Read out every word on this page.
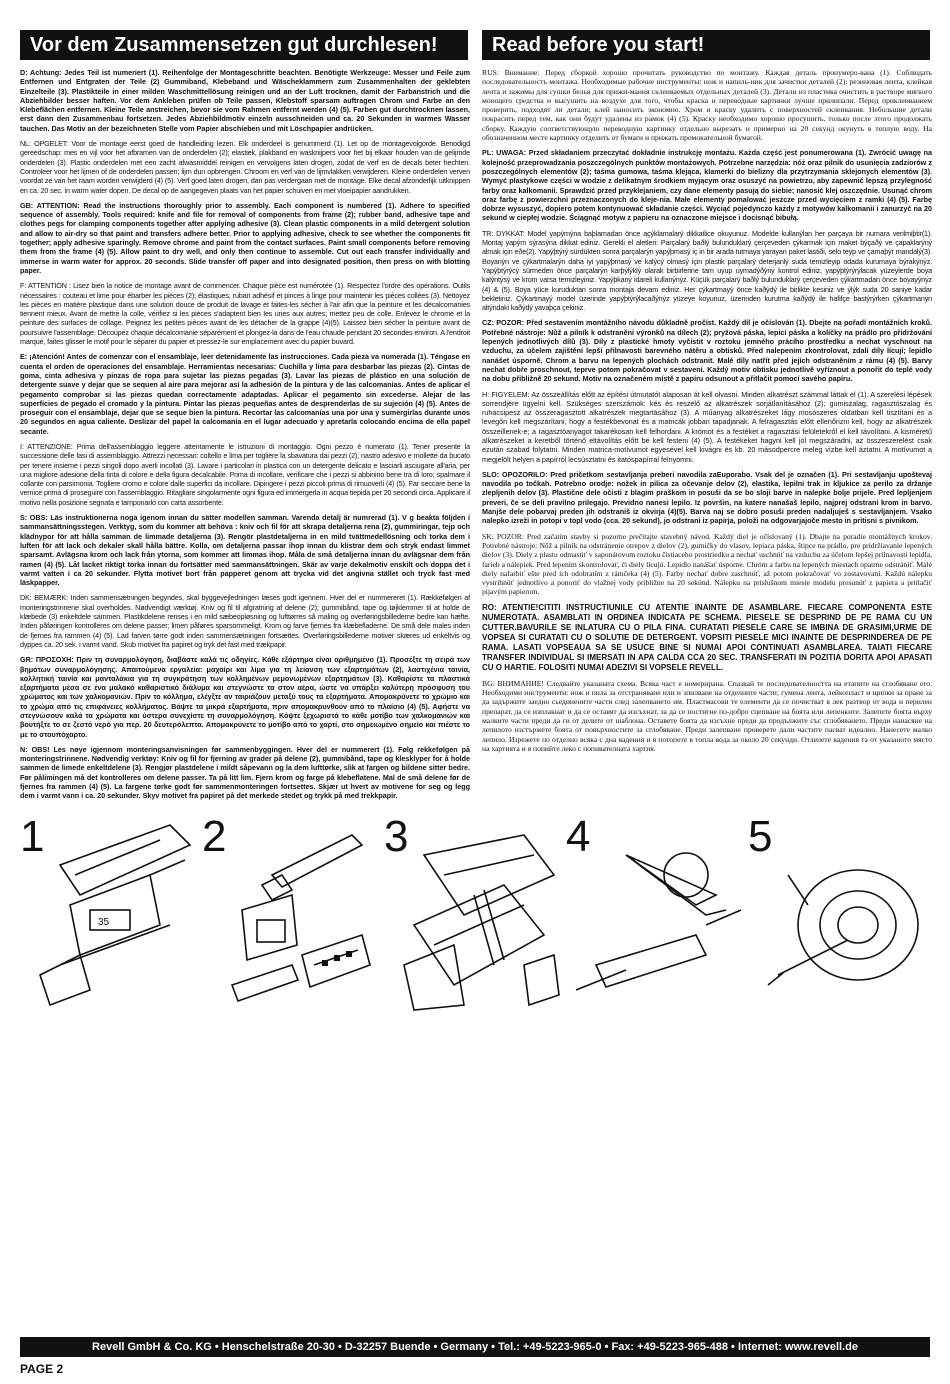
Vor dem Zusammensetzen gut durchlesen!	Read before you start!

D: Achtung: Jedes Teil ist numeriert (1). Reihenfolge der Montageschritte beachten. Benötigte Werkzeuge: Messer und Feile zum Entfernen und Entgraten der Teile (2) Gummiband, Klebeband und Wäscheklammern zum Zusammenhalten der geklebten Einzelteile (3). Plastikteile in einer milden Waschmittellösung reinigen und an der Luft trocknen, damit der Farbanstrich und die Abziehbilder besser haften. Vor dem Ankleben prüfen ob Teile passen, Klebstoff sparsam auftragen Chrom und Farbe an den Klebeflächen entfernen. Kleine Teile anstreichen, bevor sie vom Rahmen entfernt werden (4) (5). Farben gut durchtrocknen lassen, erst dann den Zusammenbau fortsetzen. Jedes Abziehbildmotiv einzeln ausschneiden und ca. 20 Sekunden in warmes Wasser tauchen. Das Motiv an der bezeichneten Stelle vom Papier abschieben und mit Löschpapier andrücken.

NL: OPGELET: Voor de montage eerst goed de handleiding lezen. Elk onderdeel is genummerd (1). Let op de montagevolgorde. Benodigd gereedschap: mes en vijl voor het afbramen van de onderdelen (2); elastiek, plakband en wasknijpers voor het bij elkaar houden van de gelijmde onderdelen (3). Plastic onderdelen met een zacht afwasmiddel reinigen en vervolgens laten drogen, zodat de verf en de decals beter hechten. Controleer voor het lijmen of de onderdelen passen; lijm dun opbrengen. Chroom en verf van de lijmvlakken verwijderen. Kleine onderdelen verven voordat ze van het raam worden verwijderd (4) (5). Verf goed laten drogen, dan pas verdergaan met de montage. Elke decal afzonderlijk uitknippen en ca. 20 sec. in warm water dopen. De decal op de aangegeven plaats van het papier schuiven en met vloeipapier aandrukken.

GB: ATTENTION: Read the instructions thoroughly prior to assembly. Each component is numbered (1). Adhere to specified sequence of assembly. Tools required: knife and file for removal of components from frame (2); rubber band, adhesive tape and clothes pegs for clamping components together after applying adhesive (3). Clean plastic components in a mild detergent solution and allow to air-dry so that paint and transfers adhere better. Prior to applying adhesive, check to see whether the components fit together; apply adhesive sparingly. Remove chrome and paint from the contact surfaces. Paint small components before removing them from the frame (4) (5). Allow paint to dry well, and only then continue to assemble. Cut out each transfer individually and immerse in warm water for approx. 20 seconds. Slide transfer off paper and into designated position, then press on with blotting paper.

F: ATTENTION : Lisez bien la notice de montage avant de commencer. Chaque pièce est numérotée (1). Respectez l'ordre des opérations. Outils nécessaires : couteau et lime pour ébarber les pièces (2); élastiques, ruban adhésif et pinces à linge pour maintenir les pièces collées (3). Nettoyez les pièces en matière plastique dans une solution douce de produit de lavage et faites-les sécher à l'air afin que la peinture et les décalcomanies tiennent mieux. Avant de mettre la colle, vérifiez si les pièces s'adaptent bien les unes aux autres; mettez peu de colle. Enlevez le chrome et la peinture des surfaces de collage. Peignez les petites pièces avant de les détacher de la grappe (4)(5). Laissez bien sécher la peinture avant de poursuivre l'assemblage. Découpez chaque décalcomanie séparément et plongez-la dans de l'eau chaude pendant 20 secondes environ. A l'endroit marqué, faites glisser le motif pour le séparer du papier et pressez-le sur emplacement avec du papier buvard.

E: ¡Atención! Antes de comenzar con el ensamblaje, leer detenidamente las instrucciones. Cada pieza va numerada (1). Téngase en cuenta el orden de operaciones del ensamblaje. Herramientas necesarias: Cuchilla y lima para desbarbar las piezas (2). Cintas de goma, cinta adhesiva y pinzas de ropa para sujetar las piezas pegadas (3). Lavar las piezas de plástico en una solución de detergente suave y dejar que se sequen al aire para mejorar así la adhesión de la pintura y de las calcomanías. Antes de aplicar el pegamento comprobar si las piezas quedan correctamente adaptadas. Aplicar el pegamento sin excederse. Alejar de las superficies de pegado el cromado y la pintura. Pintar las piezas pequeñas antes de desprenderlas de su sujeción (4) (5). Antes de proseguir con el ensamblaje, dejar que se seque bien la pintura. Recortar las calcomanías una por una y sumergirlas durante unos 20 segundos en agua caliente. Deslizar del papel la calcomanía en el lugar adecuado y apretarla colocando encima de ella papel secante.

I: ATTENZIONE: Prima dell'assemblaggio leggere attentamente le istruzioni di montaggio. Ogni pezzo è numerato (1). Tener presente la successione delle fasi di assemblaggio. Attrezzi necessari: coltello e lima per togliere la sbavatura dai pezzi (2), nastro adesivo e mollette da bucato per tenere insieme i pezzi singoli dopo averli incollati (3). Lavare i particolari in plastica con un detergente delicato e lasciarli asciugare all'aria, per una migliore adesione della tinta di colore e della figura decalcabile. Prima di incollare, verificare che i pezzi si abbinino bene tra di loro; spalmare il collante con parsimonia. Togliere cromo e colore dalle superfici da incollare. Dipingere i pezzi piccoli prima di rimuoverli (4) (5). Far seccare bene la vernice prima di proseguire con l'assemblaggio. Ritagliare singolarmente ogni figura ed immergerla in acqua tiepida per 20 secondi circa. Applicare il motivo nella posizione segnata e tamponarlo con carta assorbente.

S: OBS: Läs instruktionerna noga igenom innan du sätter modellen samman. Varenda detalj är numrerad (1). V g beakta följden i sammansättningsstegen. Verktyg, som du kommer att behöva : kniv och fil för att skrapa detaljerna rena (2), gummiringar, tejp och klädnypor för att hålla samman de limmade detaljerna (3). Rengör plastdetaljerna in en mild tvättmedellösning och torka dem i luften för att lack och dekaler skall hålla bättre. Kolla, om detaljerna passar ihop innan du klistrar dem och stryk endast limmet sparsamt. Avlägsna krom och lack från ytorna, som kommer att limmas ihop. Måla de små detaljerna innan du avlägsnar dem från ramen (4) (5). Låt lacket riktigt torka innan du fortsätter med sammansättningen. Skär av varje dekalmotiv enskilt och doppa det i varmt vatten i ca 20 sekunder. Flytta motivet bort från papperet genom att trycka vid det angivna stället och tryck fast med läskpapper.

DK: BEMÆRK: Inden sammensætningen begyndes, skal byggevejledningen læses godt igennem. Hver del er nummereret (1). Rækkefølgen af monteringstrinnene skal overholdes. Nødvendigt værktøj: Kniv og fil til afgratning af delene (2); gummibånd, tape og tøjklemmer til at holde de klæbede (3) enkeltdele sammen. Plastikdelene renses i en mild sæbeopløsning og lufttørres så maling og overføringsbillederne bedre kan hæfte. Inden påføringen kontrolleres om delene passer; limen påføres sparsommeligt. Krom og farve fjernes fra klæbefladerne. De små dele males inden de fjernes fra rammen (4) (5). Lad farven tørre godt inden sammensætningen fortsættes. Overføringsbillederne motiver skæres ud enkeltvis og dyppes ca. 20 sek. i varmt vand. Skub motivet fra papiret og tryk det fast med trækpapir.

GR: ΠΡΟΣΟΧΗ: Πριν τη συναρμολόγηση, διαβάστε καλά τις οδηγίες. Κάθε εξάρτημα είναι αριθμημένο (1). Προσέξτε τη σειρά των βημάτων συναρμολόγησης. Απαιτούμενα εργαλεία: μαχαίρι και λίμα για τη λείανση των εξαρτημάτων (2), λαστιχένια ταινία, κολλητική ταινία και μανταλάκια για τη συγκράτηση των κολλημένων μεμονωμένων εξαρτημάτων (3). Καθαρίστε τα πλαστικά εξαρτήματα μέσα σε ένα μαλακό καθαριστικό διάλυμα και στεγνώστε τα στον αέρα, ώστε να υπάρξει καλύτερη πρόσφυση του χρώματος και των χαλκομανιών. Πριν το κόλλημα, ελέγξτε αν ταιριάζουν μεταξύ τους τα εξαρτήματα. Απομακρύνετε το χρώμιο και το χρώμα από τις επιφάνειες κολλήματος. Βάψτε τα μικρά εξαρτήματα, πριν απομακρυνθούν από το πλαίσιο (4) (5). Αφήστε να στεγνώσουν καλά τα χρώματα και ύστερα συνεχίστε τη συναρμολόγηση. Κόψτε ξεχωριστά το κάθε μοτίβο των χαλκομανιών και βουτήξτε το σε ζεστό νερό για περ. 20 δευτερόλεπτα. Απομακρύνετε το μοτίβο από το χαρτί, στο σημειωμένο σημείο και πιέστε το με το στουπόχαρτο.

N: OBS! Les nøye igjennom monteringsanvisningen før sammenbyggingen. Hver del er nummerert (1). Følg rekkefølgen på monteringstrinnene. Nødvendig verktøy: Kniv og fil for fjerning av grader på delene (2), gummibånd, tape og klesklyper for å holde sammen de limede enkeltdelene (3). Rengjør plastdelene i mildt såpevann og la dem lufttørke, slik at fargen og bildene sitter bedre. Før pålimingen må det kontrolleres om delene passer. Ta på litt lim. Fjern krom og farge på klebeflatene. Mal de små delene før de fjernes fra rammen (4) (5). La fargene tørke godt før sammenmonteringen fortsettes. Skjær ut hvert av motivene for seg og legg dem i varmt vann i ca. 20 sekunder. Skyv motivet fra papiret på det merkede stedet og trykk på med trekkpapir.

RUS: Внимание: Перед сборкой хорошо прочитать руководство по монтажу. Каждая деталь пронумеро-вана (1). Соблюдать последовательность монтажа. Необходимые рабочие инструменты: нож и напиль-ник для зачистки деталей (2); резиновая лента, клейкая лента и зажимы для сушки белья для прижи-мания склеиваемых отдельных деталей (3). Детали из пластика очистить в растворе мягкого моющего средства и высушить на воздухе для того, чтобы краска и переводные картинки лучше прилипали. Перед приклеиванием проверить, подходят ли детали; клей наносить экономно. Хром и краску удалить с поверхностей склеивания. Небольшие детали покрасить перед тем, как они будут удалены из рамок (4) (5). Краску необходимо хорошо просушить, только после этого продолжать сборку. Каждую соответствующую переводную картинку отдельно вырезать и примерно на 20 секунд окунуть в теплую воду. На обозначенном месте картинку отделить от бумаги и прижать промокательной бумагой.

PL: UWAGA: Przed składaniem przeczytać dokładnie instrukcję montażu. Każda część jest ponumerowana (1). Zwrócić uwagę na kolejność przeprowadzania poszczególnych punktów montażowych. Potrzebne narzędzia: nóż oraz pilnik do usunięcia zadziorów z poszczególnych elementów (2); taśma gumowa, taśma klejąca, klamerki do bielizny dla przytrzymania sklejonych elementów (3). Wymyć plastykowe części w wodzie z delikatnym środkiem myjącym oraz osuszyć na powietrzu, aby zapewnić lepszą przylegność farby oraz kalkomanii. Sprawdzić przed przyklejaniem, czy dane elementy pasują do siebie; nanosić klej oszczędnie. Usunąć chrom oraz farbę z powierzchni przeznaczonych do kleje-nia. Małe elementy pomalować jeszcze przed wycięciem z ramki (4) (5). Farbę dobrze wysuszyć, dopiero potem kontynuować składanie części. Wyciąć pojedynczo każdy z motywów kalkomanii i zanurzyć na 20 sekund w ciepłej wodzie. Ściągnąć motyw z papieru na oznaczone miejsce i docisnąć bibułą.

TR: DYKKAT: Model yapýmýna baþlamadan önce açýklamalarý dikkatlice okuyunuz. Modelde kullanýlan her parçaya bir numara verilmiþtir(1). Montaj yapým sýrasýna dikkat ediniz. Gerekli el aletleri: Parçalarý baðlý bulunduklarý çerçeveden çýkarmak için maket býçaðý ve çapaklarýný almak için eðe(2). Yapýþtýrý sürdükten sonra parçalarýn yapýþmasý iç in bir arada tutmaya yarayan paket lastiði, selo teyp ve çamaþýr mandalý(3). Boyanýn ve çýkartmalarýn daha iyi yapýþmasý ve kalýcý olmasý için plastik parçalarý deterjanlý suda temizleyip odada kurumaya býrakýnýz. Yapýþtýrýcý sürmeden önce parçalarýn karþýlýklý olarak birbirlerine tam uyup uymadýðýný kontrol ediniz, yapýþtýrýrýlacak yüzeylerde boya kalýntýsý ve krom varsa temizleyiniz. Yapýþkaný idareli kullanýnýz. Küçük parçalarý baðlý bulunduklarý çerçeveden çýkartmadan önce boyayýnýz (4) & (5). Boya yüce kuruduktan sonra montaja devam ediniz. Her çýkartmayý önce kaðýdý ile birlikte kesiniz ve ýlýk suda 20 saniye kadar bekletiniz. Çýkartmayý model üzerinde yapýþtýrýlacaðýnýz yüzeye koyunuz, üzerinden kurutma kaðýdý ile hafifçe bastýrýrken çýkartmanýn altýndaki kaðýdý yavaþça çekiniz.

CZ: POZOR: Před sestavením montážního návodu důkladně pročíst. Každý díl je očíslován (1). Dbejte na pořadí montážních kroků. Potřebné nástroje: Nůž a pilník k odstranění výronků na dílech (2); pryžová páska, lepicí páska a kolíčky na prádlo pro přidržování lepených jednotlivých dílů (3). Díly z plastické hmoty vyčistit v roztoku jemného prácího prostředku a nechat vyschnout na vzduchu, za účelem zajištění lepší přilnavosti barevného nátěru a obtisků. Před nalepením zkontrolovat, zdali díly lícují; lepidlo nanášet úsporně. Chrom a barvu na lepených plochách odstranit. Malé díly natřít před jejich odstraněním z rámu (4) (5). Barvy nechat dobře proschnout, teprve potom pokračovat v sestavení. Každý motiv obtisku jednotlivě vyříznout a ponořit do teplé vody na dobu přibližně 20 sekund. Motiv na označeném místě z papíru odsunout a přitlačit pomocí savého papíru.

H: FIGYELEM: Az összeállítás előtt az építési útmutatót alaposan át kell olvasni. Minden alkatrészt számmal láttak el (1). A szerelési lépések sorrendjére ügyelni kell. Szükséges szerszámok: kés és reszelő az alkatrészek sorjátlanításához (2); gumiszalag, ragasztószalag és ruhacsipesz az összeragasztott alkatrészek megtartásához (3). A műanyag alkatrészeket lágy mosószeres oldatban kell tisztítani és a levegőn kell megszárítani, hogy a festékbevonat és a matricák jobban tapadjanak. A felragasztás előtt ellenőrizni kell, hogy az alkatrészek összeillenek-e; a ragasztóanyagot takarékosan kell felhordani. A krómot és a festéket a ragasztási felületekről el kell távolítani. A kisméretű alkatrészeket a keretből történő eltávolítás előtt be kell festeni (4) (5). A festékeket hagyni kell jól megszáradni, az összeszerelést csak ezután szabad folytatni. Minden matrica-motívumot egyesével kell kivágni és kb. 20 másodpercre meleg vízbe kell áztatni. A motívumot a megjelölt helyen a papírról lecsúsztatni és itatóspapírral felnyomni.

SLO: OPOZORILO: Pred pričetkom sestavljanja preberi navodila zaEuporabo. Vsak del je označen (1). Pri sestavljanju upoštevaj navodila po točkah. Potrebno orodje: nožek in pilica za očevanje delov (2), elastika, lepilni trak in kljukice za perilo za držanje zlepljenih delov (3). Plastične dele očisti z blagim praškom in posuši da se bo sloji barve in nalepke bolje prijele. Pred lepljenjem preveri, če se deli pravilno prilegajo. Previdno nanesi lepilo. Iz površin, na katere nanašaš lepilo, najprej odstrani krom in barvo. Manjše dele pobarvaj preden jih odstraniš iz okvirja (4)(5). Barva naj se dobro posuši preden nadaljuješ s sestavljanjem. Vsako nalepko izreži in potopi v topl vodo (cca. 20 sekund), jo odstrani iz papirja, položi na odgovarjajoče mesto in pritisni s pivnikom.

SK: POZOR: Pred začatím stavby si pozorne prečítajte stavebný návod. Každý diel je očíslovaný (1). Dbajte na poradie montážnych krokov. Potrebné nástroje: Nôž a pilník na odstránenie otrepov z dielov (2), gumičky do vlasov, lepiaca páska, štipce na prádlo, pre pridržiavanie lepených dielov (3). Diely z plastu odmastiť v saponátovom roztoku čistiaceho prostriedku a nechať uschnúť na vzduchu za účelom lepšej prilnavosti lepidla, farieb a nálepiek. Pred lepením skontrolovať, či diely lícujú. Lepidlo nanášať úsporne. Chróm a farbu na lepených miestach opatrne odstrániť. Malé diely nafarbiť ešte pred ich odobratím z rámčeka (4) (5). Farby nechať dobre zaschnúť, až potom pokračovať vo zostavovaní. Každú nálepku vystrihnúť jednotlivo a ponoriť do vlažnej vody približne na 20 sekúnd. Nálepku na príslušnom mieste modelu presunúť z papiera a pritlačiť pijavým papierom.

RO: ATENTIE!CITITI INSTRUCTIUNILE CU ATENTIE INAINTE DE ASAMBLARE. FIECARE COMPONENTA ESTE NUMEROTATA. ASAMBLATI IN ORDINEA INDICATA PE SCHEMA. PIESELE SE DESPRIND DE PE RAMA CU UN CUTTER.BAVURILE SE INLATURA CU O PILA FINA. CURATATI PIESELE CARE SE IMBINA DE GRASIMI,URME DE VOPSEA SI CURATATI CU O SOLUTIE DE DETERGENT. VOPSITI PIESELE MICI INAINTE DE DESPRINDEREA DE PE RAMA. LASATI VOPSEAUA SA SE USUCE BINE SI NUMAI APOI CONTINUATI ASAMBLAREA. TAIATI FIECARE TRANSFER INDIVIDUAL SI IMERSATI IN APA CALDA CCA 20 SEC. TRANSFERATI IN POZITIA DORITA APOI APASATI CU O HARTIE. FOLOSITI NUMAI ADEZIVI SI VOPSELE REVELL.

BG: ВНИМАНИЕ! Следвайте указаната схема. Всяка част е номерирана. Спазвай те последователността на етапите на сглобяване его. Необходими инструменти: нож и пила за отстраняване или и зпилване на отделните части; гумена лента, лейкопласт и щипки за пране за да задържите заедно сьединените части след залепването им. Пластмасови те елементи да се почистват в лек разтвор от вода и перилен препарат, да се изплакнат и да се оставят да изсъхнат, за да се постигне по-добро сцепване на боята или лепенките. Залепете боята върху малките части преди да ги от делите от шаблона. Оставете боята да изсъхне преди да продължите със сглобяването. Преди нанасяне на лепилото изстържете боята от повърхностите за сглобяване. Преди залепване проверете дали частите пасват идеално. Нанесете малко лепило. Изрежете по отделно всяка с дна вадения и я потопете в топла вода за около 20 секунди. Отлепете вадения та от указаното място на хартията и я попийте леко с попивателната хартия.

1
35
2	3	4	5
Revell GmbH & Co. KG • Henschelstraße 20-30 • D-32257 Buende • Germany • Tel.: +49-5223-965-0 • Fax: +49-5223-965-488 • Internet: www.revell.de
PAGE 2
